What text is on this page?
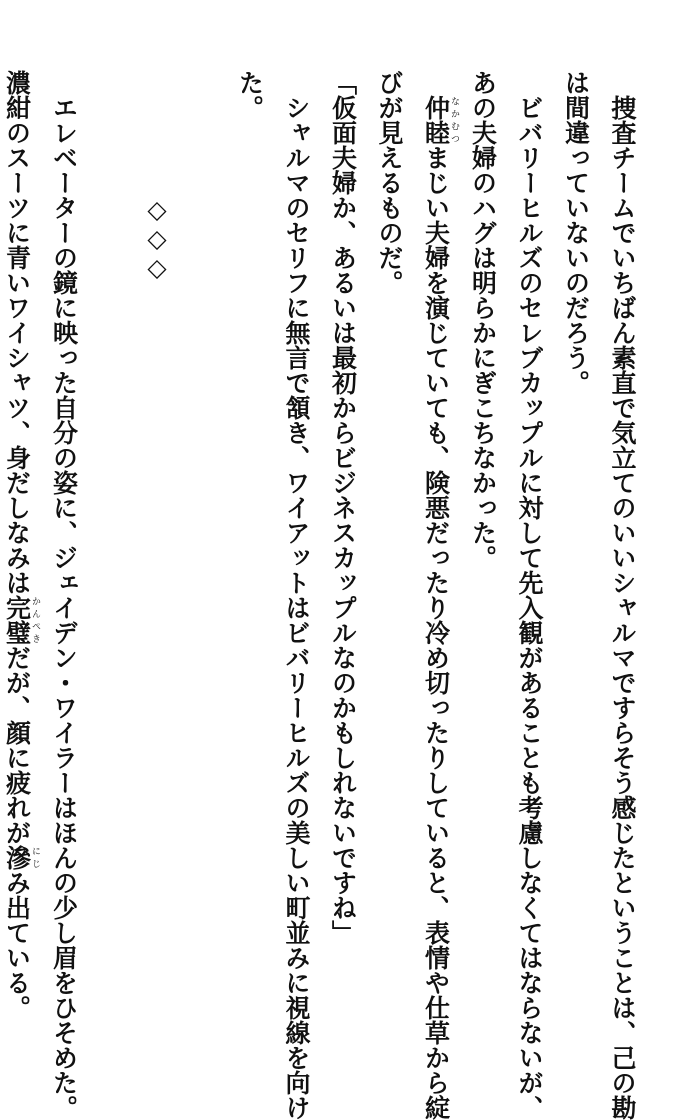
捜査チームでいちばん素直で気立てのいいシャルマですらそう感じたということは、己の勘
は間違っていないのだろう。
ビバリーヒルズのセレブカップルに対して先入観があることも考慮しなくてはならないが、
あの夫婦のハグは明らかにぎこちなかった。
仲睦なかむつまじい夫婦を演じていても、険悪だったり冷め切ったりしていると、表情や仕草から綻
びが見えるものだ。
「仮面夫婦か、あるいは最初からビジネスカップルなのかもしれないですね」
シャルマのセリフに無言で頷き、ワイアットはビバリーヒルズの美しい町並みに視線を向け
た。
◇◇◇
エレベーターの鏡に映った自分の姿に、ジェイデン・ワイラーはほんの少し眉をひそめた。
濃紺のスーツに青いワイシャツ、身だしなみは完璧かんぺきだが、顔に疲れが滲にじみ出ている。
